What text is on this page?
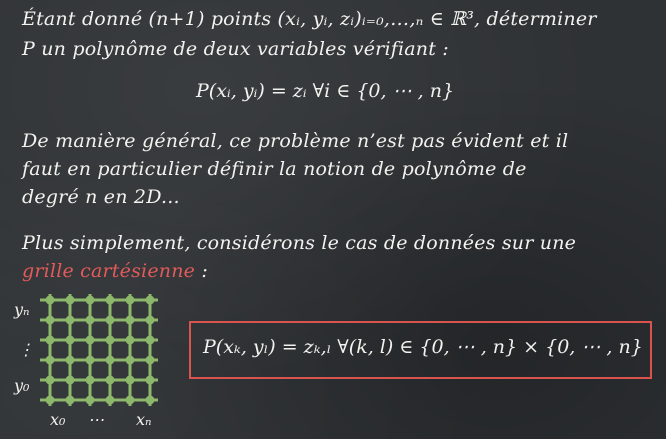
Étant donné (n+1) points (xᵢ, yᵢ, zᵢ)ᵢ₌₀,…,ₙ ∈ ℝ³, déterminer
P un polynôme de deux variables vérifiant :
P(xᵢ, yᵢ) = zᵢ ∀i ∈ {0, ⋯ , n}
De manière général, ce problème n’est pas évident et il
faut en particulier définir la notion de polynôme de
degré n en 2D...
Plus simplement, considérons le cas de données sur une
grille cartésienne :
yₙ
⋮
y₀
x₀ ⋯ xₙ
P(xₖ, yₗ) = zₖ,ₗ ∀(k, l) ∈ {0, ⋯ , n} × {0, ⋯ , n}
